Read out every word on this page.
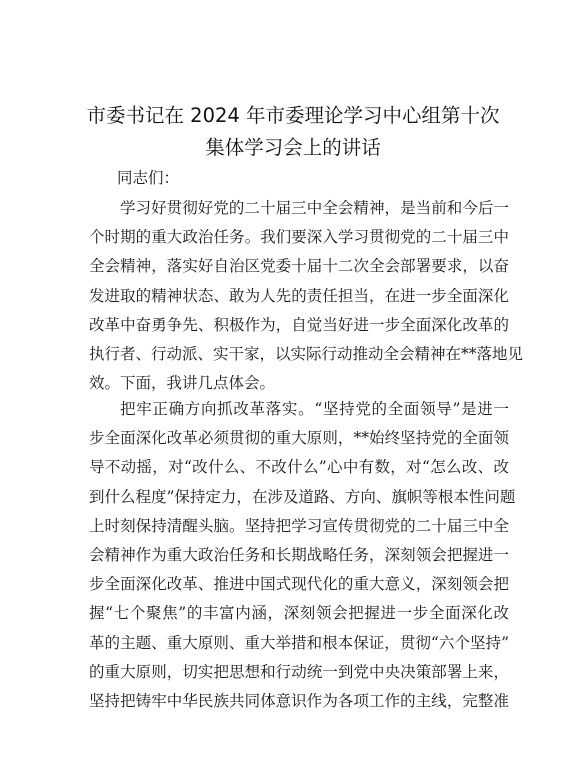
市委书记在 2024 年市委理论学习中心组第十次
集体学习会上的讲话

同志们：

学习好贯彻好党的二十届三中全会精神，是当前和今后一
个时期的重大政治任务。我们要深入学习贯彻党的二十届三中
全会精神，落实好自治区党委十届十二次全会部署要求，以奋
发进取的精神状态、敢为人先的责任担当，在进一步全面深化
改革中奋勇争先、积极作为，自觉当好进一步全面深化改革的
执行者、行动派、实干家，以实际行动推动全会精神在**落地见
效。下面，我讲几点体会。

把牢正确方向抓改革落实。“坚持党的全面领导”是进一
步全面深化改革必须贯彻的重大原则，**始终坚持党的全面领
导不动摇，对“改什么、不改什么”心中有数，对“怎么改、改
到什么程度”保持定力，在涉及道路、方向、旗帜等根本性问题
上时刻保持清醒头脑。坚持把学习宣传贯彻党的二十届三中全
会精神作为重大政治任务和长期战略任务，深刻领会把握进一
步全面深化改革、推进中国式现代化的重大意义，深刻领会把
握“七个聚焦”的丰富内涵，深刻领会把握进一步全面深化改
革的主题、重大原则、重大举措和根本保证，贯彻“六个坚持”
的重大原则，切实把思想和行动统一到党中央决策部署上来，
坚持把铸牢中华民族共同体意识作为各项工作的主线，完整准
